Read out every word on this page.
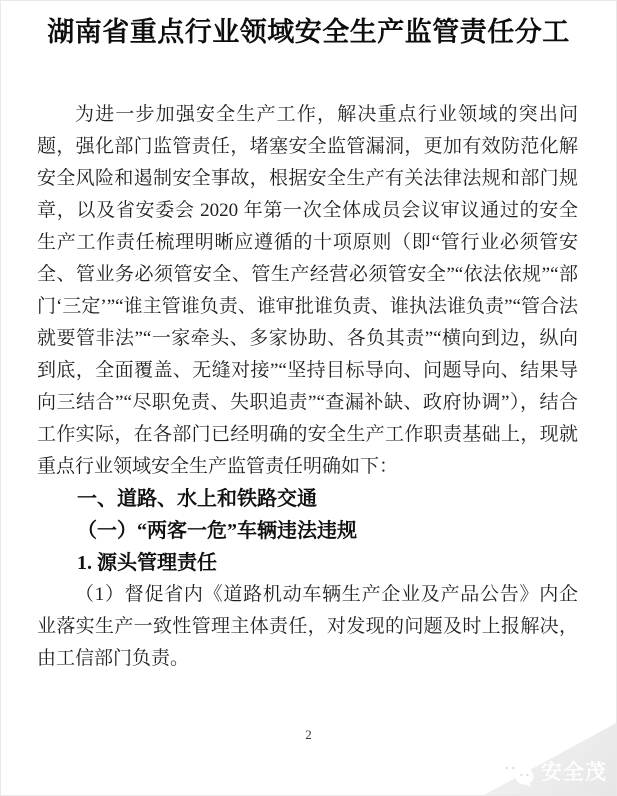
湖南省重点行业领域安全生产监管责任分工

为进一步加强安全生产工作，解决重点行业领域的突出问题，强化部门监管责任，堵塞安全监管漏洞，更加有效防范化解安全风险和遏制安全事故，根据安全生产有关法律法规和部门规章，以及省安委会 2020 年第一次全体成员会议审议通过的安全生产工作责任梳理明晰应遵循的十项原则（即“管行业必须管安全、管业务必须管安全、管生产经营必须管安全”“依法依规”“部门‘三定’”“谁主管谁负责、谁审批谁负责、谁执法谁负责”“管合法就要管非法”“一家牵头、多家协助、各负其责”“横向到边，纵向到底，全面覆盖、无缝对接”“坚持目标导向、问题导向、结果导向三结合”“尽职免责、失职追责”“查漏补缺、政府协调”），结合工作实际，在各部门已经明确的安全生产工作职责基础上，现就重点行业领域安全生产监管责任明确如下：

一、道路、水上和铁路交通
（一）“两客一危”车辆违法违规
1. 源头管理责任

（1）督促省内《道路机动车辆生产企业及产品公告》内企业落实生产一致性管理主体责任，对发现的问题及时上报解决，由工信部门负责。

2
安全茂
